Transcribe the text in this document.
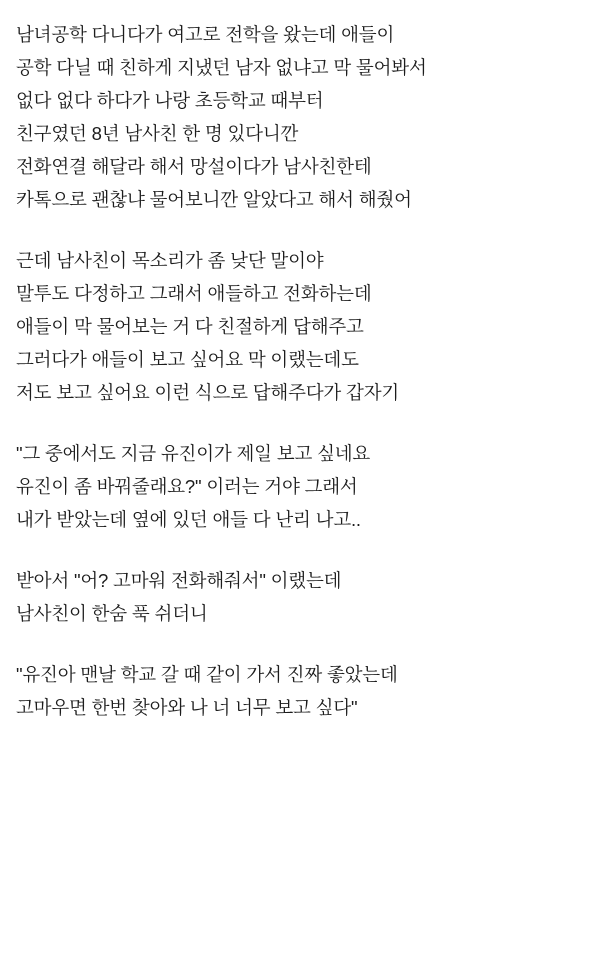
남녀공학 다니다가 여고로 전학을 왔는데 애들이
공학 다닐 때 친하게 지냈던 남자 없냐고 막 물어봐서
없다 없다 하다가 나랑 초등학교 때부터
친구였던 8년 남사친 한 명 있다니깐
전화연결 해달라 해서 망설이다가 남사친한테
카톡으로 괜찮냐 물어보니깐 알았다고 해서 해줬어
근데 남사친이 목소리가 좀 낮단 말이야
말투도 다정하고 그래서 애들하고 전화하는데
애들이 막 물어보는 거 다 친절하게 답해주고
그러다가 애들이 보고 싶어요 막 이랬는데도
저도 보고 싶어요 이런 식으로 답해주다가 갑자기
"그 중에서도 지금 유진이가 제일 보고 싶네요
유진이 좀 바꿔줄래요?" 이러는 거야 그래서
내가 받았는데 옆에 있던 애들 다 난리 나고..
받아서 "어? 고마워 전화해줘서" 이랬는데
남사친이 한숨 푹 쉬더니
"유진아 맨날 학교 갈 때 같이 가서 진짜 좋았는데
고마우면 한번 찾아와 나 너 너무 보고 싶다"
